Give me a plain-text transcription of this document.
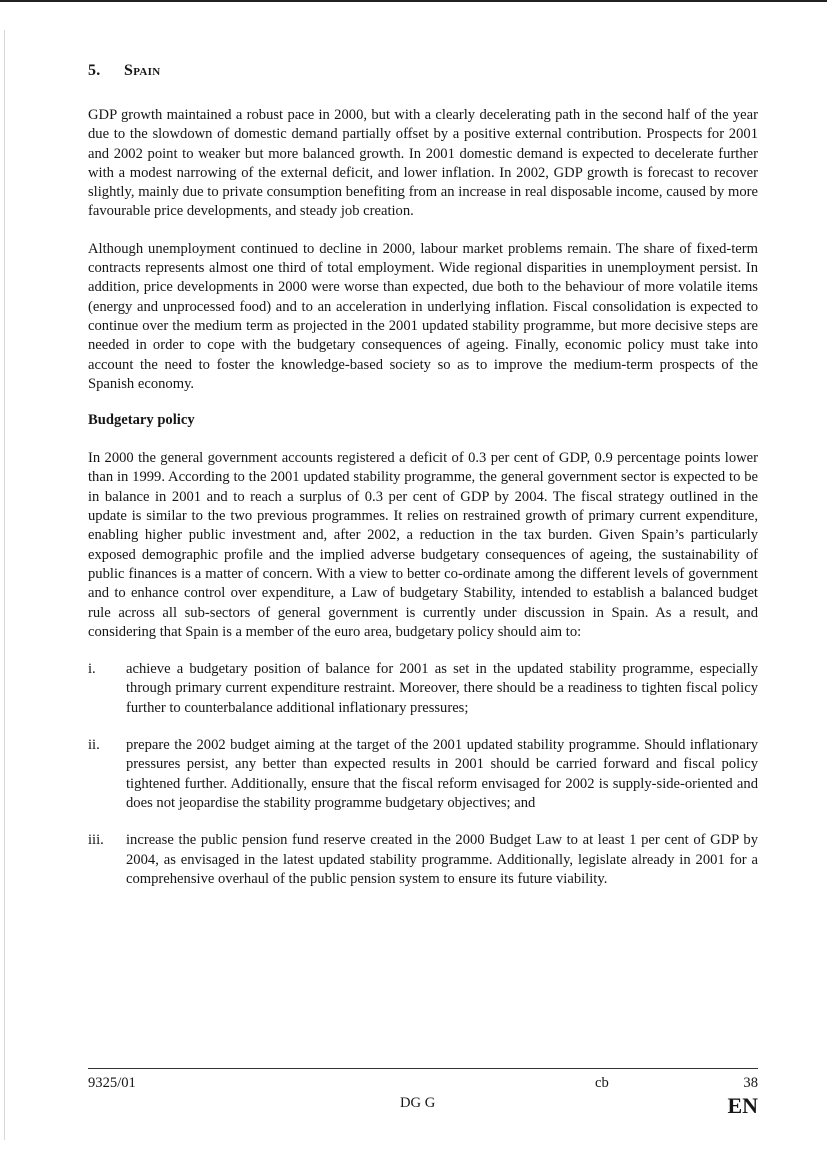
5. Spain

GDP growth maintained a robust pace in 2000, but with a clearly decelerating path in the second half of the year due to the slowdown of domestic demand partially offset by a positive external contribution. Prospects for 2001 and 2002 point to weaker but more balanced growth. In 2001 domestic demand is expected to decelerate further with a modest narrowing of the external deficit, and lower inflation. In 2002, GDP growth is forecast to recover slightly, mainly due to private consumption benefiting from an increase in real disposable income, caused by more favourable price developments, and steady job creation.

Although unemployment continued to decline in 2000, labour market problems remain. The share of fixed-term contracts represents almost one third of total employment. Wide regional disparities in unemployment persist. In addition, price developments in 2000 were worse than expected, due both to the behaviour of more volatile items (energy and unprocessed food) and to an acceleration in underlying inflation. Fiscal consolidation is expected to continue over the medium term as projected in the 2001 updated stability programme, but more decisive steps are needed in order to cope with the budgetary consequences of ageing. Finally, economic policy must take into account the need to foster the knowledge-based society so as to improve the medium-term prospects of the Spanish economy.

Budgetary policy

In 2000 the general government accounts registered a deficit of 0.3 per cent of GDP, 0.9 percentage points lower than in 1999. According to the 2001 updated stability programme, the general government sector is expected to be in balance in 2001 and to reach a surplus of 0.3 per cent of GDP by 2004. The fiscal strategy outlined in the update is similar to the two previous programmes. It relies on restrained growth of primary current expenditure, enabling higher public investment and, after 2002, a reduction in the tax burden. Given Spain’s particularly exposed demographic profile and the implied adverse budgetary consequences of ageing, the sustainability of public finances is a matter of concern. With a view to better co-ordinate among the different levels of government and to enhance control over expenditure, a Law of budgetary Stability, intended to establish a balanced budget rule across all sub-sectors of general government is currently under discussion in Spain. As a result, and considering that Spain is a member of the euro area, budgetary policy should aim to:

i.	achieve a budgetary position of balance for 2001 as set in the updated stability programme, especially through primary current expenditure restraint. Moreover, there should be a readiness to tighten fiscal policy further to counterbalance additional inflationary pressures;
ii.	prepare the 2002 budget aiming at the target of the 2001 updated stability programme. Should inflationary pressures persist, any better than expected results in 2001 should be carried forward and fiscal policy tightened further. Additionally, ensure that the fiscal reform envisaged for 2002 is supply-side-oriented and does not jeopardise the stability programme budgetary objectives; and
iii.	increase the public pension fund reserve created in the 2000 Budget Law to at least 1 per cent of GDP by 2004, as envisaged in the latest updated stability programme. Additionally, legislate already in 2001 for a comprehensive overhaul of the public pension system to ensure its future viability.
9325/01
DG G
cb	38
EN
